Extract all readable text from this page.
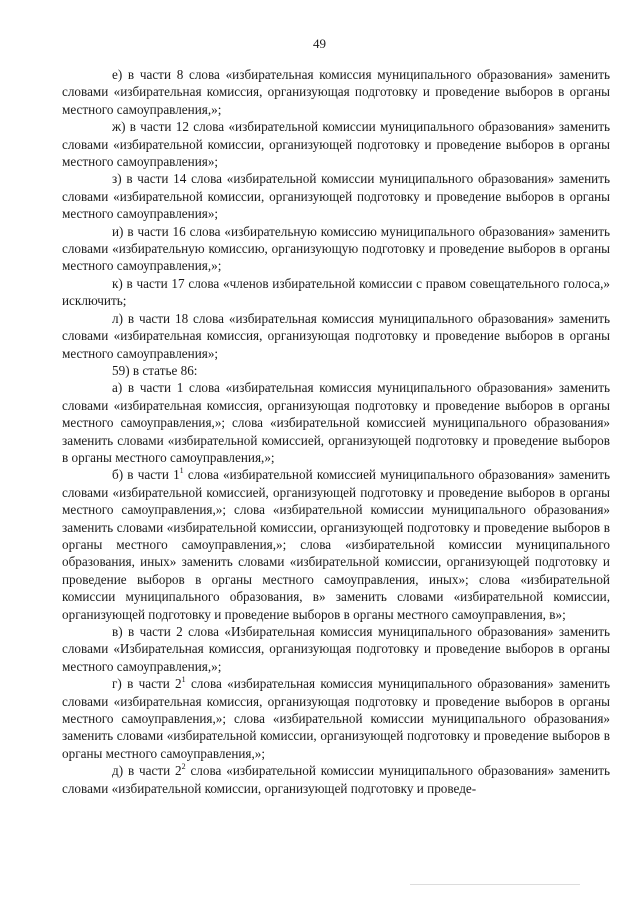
49

е) в части 8 слова «избирательная комиссия муниципального образования» заменить словами «избирательная комиссия, организующая подготовку и проведение выборов в органы местного самоуправления,»;

ж) в части 12 слова «избирательной комиссии муниципального образования» заменить словами «избирательной комиссии, организующей подготовку и проведение выборов в органы местного самоуправления»;

з) в части 14 слова «избирательной комиссии муниципального образования» заменить словами «избирательной комиссии, организующей подготовку и проведение выборов в органы местного самоуправления»;

и) в части 16 слова «избирательную комиссию муниципального образования» заменить словами «избирательную комиссию, организующую подготовку и проведение выборов в органы местного самоуправления,»;

к) в части 17 слова «членов избирательной комиссии с правом совещательного голоса,» исключить;

л) в части 18 слова «избирательная комиссия муниципального образования» заменить словами «избирательная комиссия, организующая подготовку и проведение выборов в органы местного самоуправления»;

59) в статье 86:

а) в части 1 слова «избирательная комиссия муниципального образования» заменить словами «избирательная комиссия, организующая подготовку и проведение выборов в органы местного самоуправления,»; слова «избирательной комиссией муниципального образования» заменить словами «избирательной комиссией, организующей подготовку и проведение выборов в органы местного самоуправления,»;

б) в части $1^1$ слова «избирательной комиссией муниципального образования» заменить словами «избирательной комиссией, организующей подготовку и проведение выборов в органы местного самоуправления,»; слова «избирательной комиссии муниципального образования» заменить словами «избирательной комиссии, организующей подготовку и проведение выборов в органы местного самоуправления,»; слова «избирательной комиссии муниципального образования, иных» заменить словами «избирательной комиссии, организующей подготовку и проведение выборов в органы местного самоуправления, иных»; слова «избирательной комиссии муниципального образования, в» заменить словами «избирательной комиссии, организующей подготовку и проведение выборов в органы местного самоуправления, в»;

в) в части 2 слова «Избирательная комиссия муниципального образования» заменить словами «Избирательная комиссия, организующая подготовку и проведение выборов в органы местного самоуправления,»;

г) в части $2^1$ слова «избирательная комиссия муниципального образования» заменить словами «избирательная комиссия, организующая подготовку и проведение выборов в органы местного самоуправления,»; слова «избирательной комиссии муниципального образования» заменить словами «избирательной комиссии, организующей подготовку и проведение выборов в органы местного самоуправления,»;

д) в части $2^2$ слова «избирательной комиссии муниципального образования» заменить словами «избирательной комиссии, организующей подготовку и проведе-
